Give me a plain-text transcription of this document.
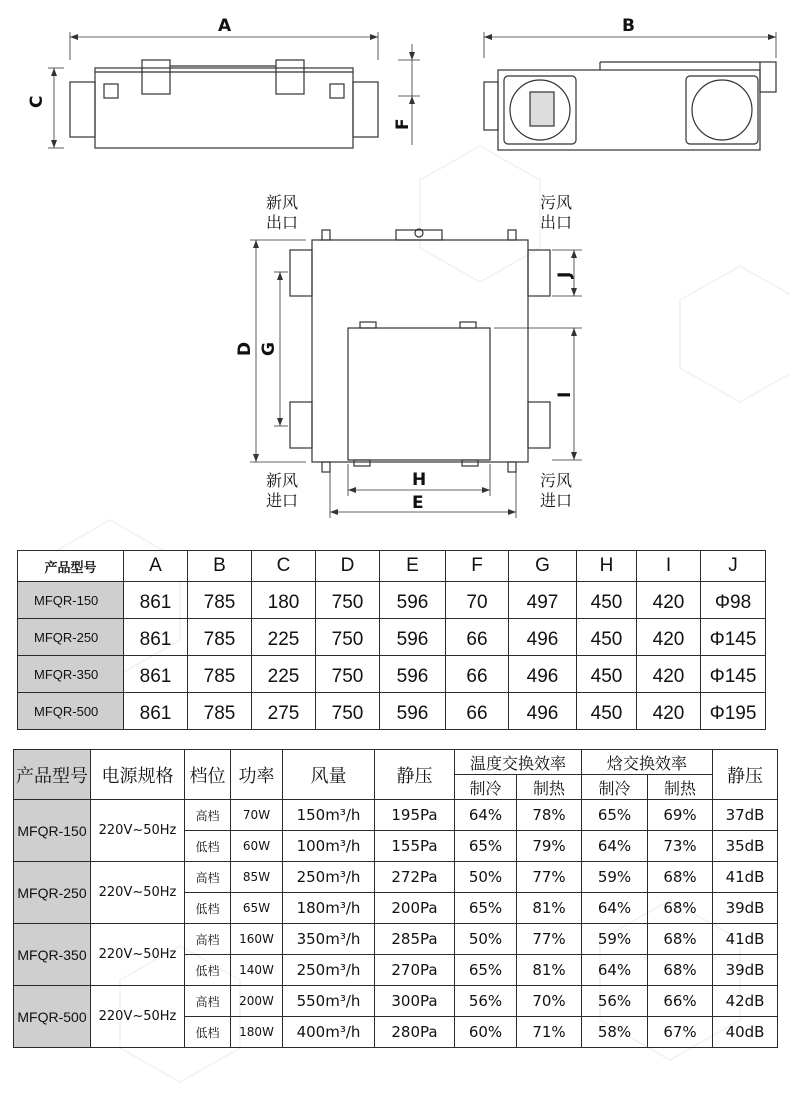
A	B
C
F
D G
J
I
H
E
新风
出口
污风
出口
新风
进口
污风
进口
产品型号	A	B	C	D	E	F	G	H	I	J
MFQR-150	861	785	180	750	596	70	497	450	420	Φ98
MFQR-250	861	785	225	750	596	66	496	450	420	Φ145
MFQR-350	861	785	225	750	596	66	496	450	420	Φ145
MFQR-500	861	785	275	750	596	66	496	450	420	Φ195
产品型号	电源规格	档位	功率	风量	静压	温度交换效率		焓交换效率		静压
						制冷	制热	制冷	制热	
MFQR-150	220V~50Hz	高档	70W	150m³/h	195Pa	64%	78%	65%	69%	37dB
		低档	60W	100m³/h	155Pa	65%	79%	64%	73%	35dB
MFQR-250	220V~50Hz	高档	85W	250m³/h	272Pa	50%	77%	59%	68%	41dB
		低档	65W	180m³/h	200Pa	65%	81%	64%	68%	39dB
MFQR-350	220V~50Hz	高档	160W	350m³/h	285Pa	50%	77%	59%	68%	41dB
		低档	140W	250m³/h	270Pa	65%	81%	64%	68%	39dB
MFQR-500	220V~50Hz	高档	200W	550m³/h	300Pa	56%	70%	56%	66%	42dB
		低档	180W	400m³/h	280Pa	60%	71%	58%	67%	40dB
